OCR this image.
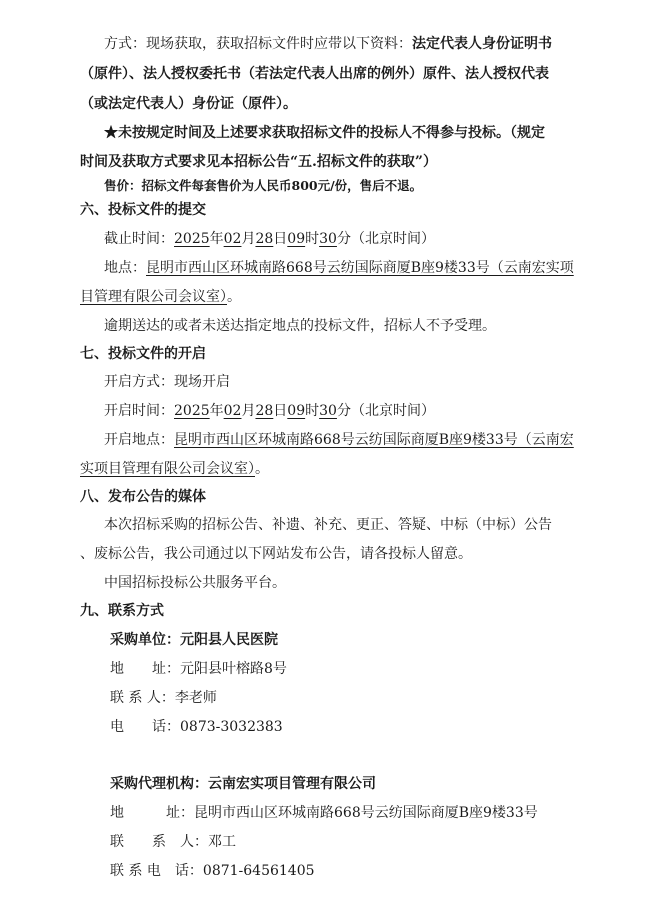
方式：现场获取，获取招标文件时应带以下资料：法定代表人身份证明书
（原件）、法人授权委托书（若法定代表人出席的例外）原件、法人授权代表
（或法定代表人）身份证（原件）。
★未按规定时间及上述要求获取招标文件的投标人不得参与投标。（规定
时间及获取方式要求见本招标公告“五.招标文件的获取”）
售价：招标文件每套售价为人民币800元/份，售后不退。
六、投标文件的提交
截止时间：2025年02月28日09时30分（北京时间）
地点：昆明市西山区环城南路668号云纺国际商厦B座9楼33号（云南宏实项
目管理有限公司会议室）。
逾期送达的或者未送达指定地点的投标文件，招标人不予受理。
七、投标文件的开启
开启方式：现场开启
开启时间：2025年02月28日09时30分（北京时间）
开启地点：昆明市西山区环城南路668号云纺国际商厦B座9楼33号（云南宏
实项目管理有限公司会议室）。
八、发布公告的媒体
本次招标采购的招标公告、补遗、补充、更正、答疑、中标（中标）公告
、废标公告，我公司通过以下网站发布公告，请各投标人留意。
中国招标投标公共服务平台。
九、联系方式
采购单位：元阳县人民医院
地　　址： 元阳县叶榕路8号
联 系 人： 李老师
电　　话： 0873-3032383
采购代理机构：云南宏实项目管理有限公司
地　　　址： 昆明市西山区环城南路668号云纺国际商厦B座9楼33号
联　　系　人： 邓工
联 系 电　话： 0871-64561405
